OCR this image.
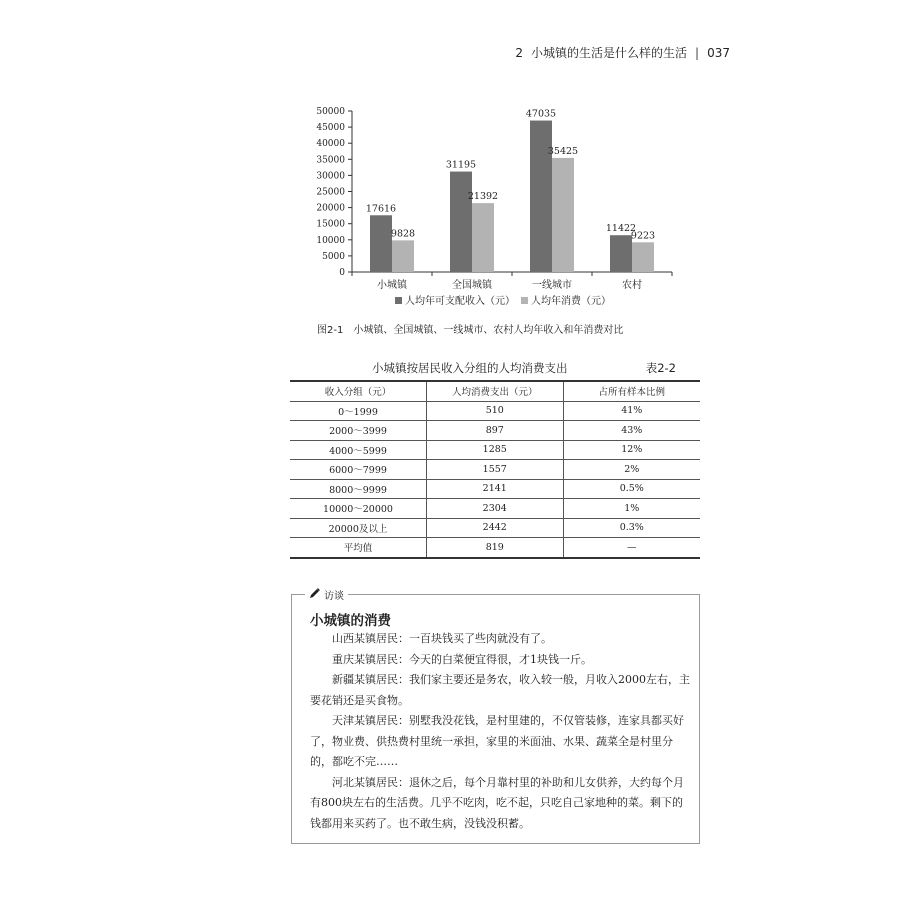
2 小城镇的生活是什么样的生活 | 037
0
5000
10000
15000
20000
25000
30000
35000
40000
45000
50000
小城镇
17616
9828
全国城镇
31195
21392
一线城市
47035
35425
农村
11422
9223
人均年可支配收入（元） 人均年消费（元）
图2-1　小城镇、全国城镇、一线城市、农村人均年收入和年消费对比
小城镇按居民收入分组的人均消费支出	表2-2
收入分组（元）	人均消费支出（元）	占所有样本比例
0～1999	510	41%
2000～3999	897	43%
4000～5999	1285	12%
6000～7999	1557	2%
8000～9999	2141	0.5%
10000～20000	2304	1%
20000及以上	2442	0.3%
平均值	819	—
小城镇的消费

山西某镇居民：一百块钱买了些肉就没有了。

重庆某镇居民：今天的白菜便宜得很，才1块钱一斤。

新疆某镇居民：我们家主要还是务农，收入较一般，月收入2000左右，主要花销还是买食物。

天津某镇居民：别墅我没花钱，是村里建的，不仅管装修，连家具都买好了，物业费、供热费村里统一承担，家里的米面油、水果、蔬菜全是村里分的，都吃不完……

河北某镇居民：退休之后，每个月靠村里的补助和儿女供养，大约每个月有800块左右的生活费。几乎不吃肉，吃不起，只吃自己家地种的菜。剩下的钱都用来买药了。也不敢生病，没钱没积蓄。

访谈
